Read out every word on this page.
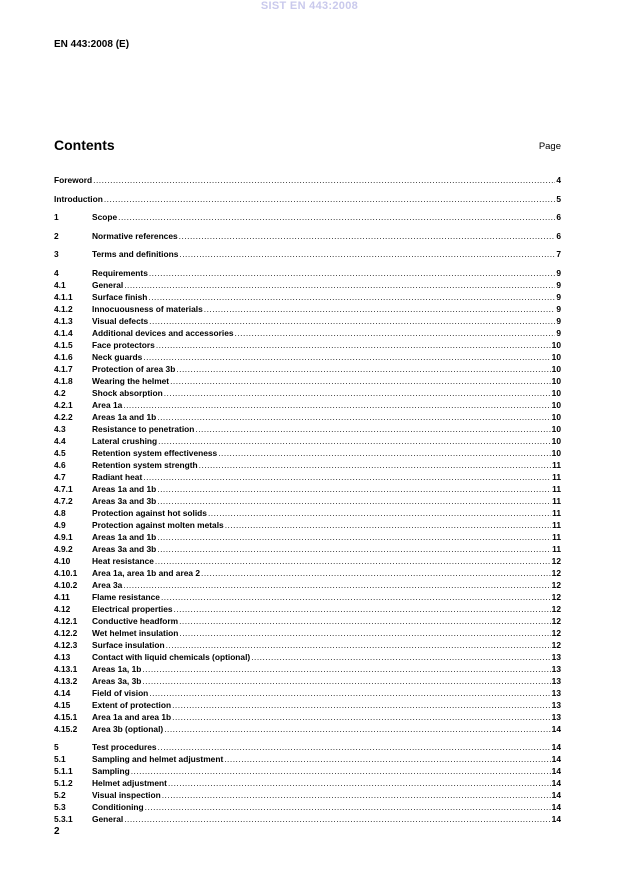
SIST EN 443:2008
EN 443:2008 (E)
Contents	Page
Foreword .....	4
Introduction .....	5
1	Scope .....	6
2	Normative references .....	6
3	Terms and definitions .....	7
4	Requirements .....	9
4.1	General .....	9
4.1.1	Surface finish .....	9
4.1.2	Innocuousness of materials .....	9
4.1.3	Visual defects .....	9
4.1.4	Additional devices and accessories .....	9
4.1.5	Face protectors .....	10
4.1.6	Neck guards .....	10
4.1.7	Protection of area 3b .....	10
4.1.8	Wearing the helmet .....	10
4.2	Shock absorption .....	10
4.2.1	Area 1a .....	10
4.2.2	Areas 1a and 1b .....	10
4.3	Resistance to penetration .....	10
4.4	Lateral crushing .....	10
4.5	Retention system effectiveness .....	10
4.6	Retention system strength .....	11
4.7	Radiant heat .....	11
4.7.1	Areas 1a and 1b .....	11
4.7.2	Areas 3a and 3b .....	11
4.8	Protection against hot solids .....	11
4.9	Protection against molten metals .....	11
4.9.1	Areas 1a and 1b .....	11
4.9.2	Areas 3a and 3b .....	11
4.10	Heat resistance .....	12
4.10.1	Area 1a, area 1b and area 2 .....	12
4.10.2	Area 3a .....	12
4.11	Flame resistance .....	12
4.12	Electrical properties .....	12
4.12.1	Conductive headform .....	12
4.12.2	Wet helmet insulation .....	12
4.12.3	Surface insulation .....	12
4.13	Contact with liquid chemicals (optional) .....	13
4.13.1	Areas 1a, 1b .....	13
4.13.2	Areas 3a, 3b .....	13
4.14	Field of vision .....	13
4.15	Extent of protection .....	13
4.15.1	Area 1a and area 1b .....	13
4.15.2	Area 3b (optional) .....	14
5	Test procedures .....	14
5.1	Sampling and helmet adjustment .....	14
5.1.1	Sampling .....	14
5.1.2	Helmet adjustment .....	14
5.2	Visual inspection .....	14
5.3	Conditioning .....	14
5.3.1	General .....	14
2
